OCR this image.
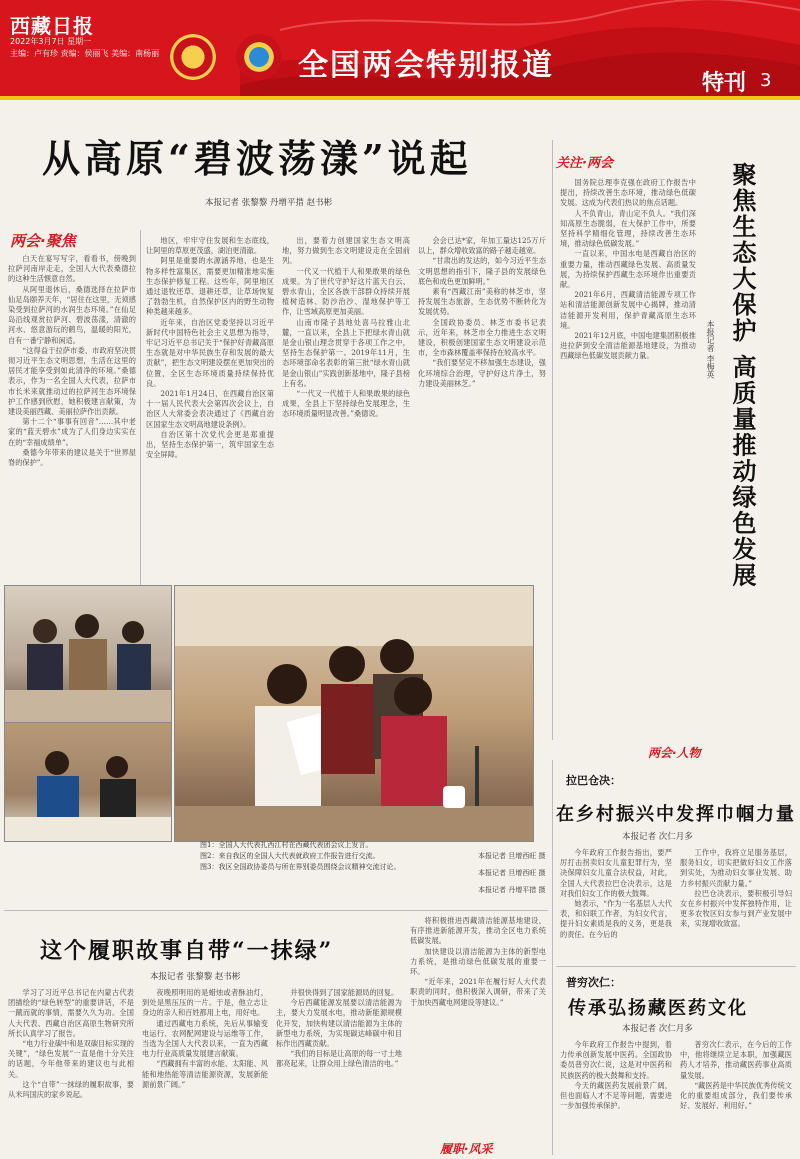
西藏日报
2022年3月7日 星期一
主编：卢有珍 责编：侯丽飞 美编：南杨丽	全国两会特别报道
特刊 3
从高原“碧波荡漾”说起
本报记者 张黎黎 丹增平措 赵书彬
两会·聚焦

白天在宴写写字，看看书，傍晚到拉萨河南岸走走，全国人大代表桑德拉的这种生活惬意自然。

从阿里退休后，桑德选择在拉萨市仙足岛颐养天年，“居住在这里，无须感染受到拉萨河的水润生态环境。”在仙足岛沿线观赏拉萨河、碧波荡漾，清澈的河水、悠意游玩的鹤鸟，温暖的阳光，自有一番宁静和闲适。

“这得益于拉萨市委、市政府坚决贯彻习近平生态文明思想，生活在这里的居民才能享受到如此清净的环境。”桑德表示，作为一名全国人大代表，拉萨市市长米来就推动过的拉萨河生态环境保护工作感到欣慰，她积极建言献策，为建设美丽西藏、美丽拉萨作出贡献。

第十二个“事事有回音”……其中老家的“蓝天碧水”成为了人们身边实实在在的“幸福成绩单”。

桑德今年带来的建议是关于“世界屋脊的保护”。

地区，牢牢守住发展和生态底线，让阿里的草原更茂盛，湖泊更清澈。

阿里是重要的水源涵养地，也是生物多样性富集区，需要更加精准地实施生态保护修复工程。这些年，阿里地区通过退牧还草、退耕还草，让草场恢复了勃勃生机，自然保护区内的野生动物种类越来越多。

近年来，自治区党委坚持以习近平新时代中国特色社会主义思想为指导，牢记习近平总书记关于“保护好青藏高原生态就是对中华民族生存和发展的最大贡献”，把生态文明建设摆在更加突出的位置，全区生态环境质量持续保持优良。

2021年1月24日，在西藏自治区第十一届人民代表大会第四次会议上，自治区人大常委会表决通过了《西藏自治区国家生态文明高地建设条例》。

自治区第十次党代会更是郑重提出，坚持生态保护第一，筑牢国家生态安全屏障。

出，要着力创建国家生态文明高地，努力做到生态文明建设走在全国前列。

一代又一代植于人和果敢果的绿色成果。为了世代守护好这片蓝天白云、碧水青山，全区各族干部群众持续开展植树造林、防沙治沙、湿地保护等工作，让雪域高原更加美丽。

山南市隆子县地处喜马拉雅山北麓，一直以来，全县上下把绿水青山就是金山银山理念贯穿于各项工作之中，坚持生态保护第一。2019年11月，生态环境部命名表彰的第三批“绿水青山就是金山银山”实践创新基地中，隆子县榜上有名。

“一代又一代植于人和果敢果的绿色成果，全县上下坚持绿色发展理念，生态环境质量明显改善。”桑德说。

会会已达*家，年加工量达125万斤以上，群众增收致富的路子越走越宽。

“甘肃出的发达的，如今习近平生态文明思想的指引下，隆子县的发展绿色底色和成色更加鲜明。”

素有“西藏江南”美称的林芝市，坚持发展生态旅游，生态优势不断转化为发展优势。

全国政协委员、林芝市委书记表示，近年来，林芝市全力推进生态文明建设，积极创建国家生态文明建设示范市，全市森林覆盖率保持在较高水平。

“我们要坚定不移加强生态建设，强化环境综合治理，守护好这片净土，努力建设美丽林芝。”

关注·两会

国务院总理李克强在政府工作报告中提出，持续改善生态环境，推动绿色低碳发展。这成为代表们热议的焦点话题。

人不负青山，青山定不负人。“我们深知高原生态脆弱，在大保护工作中，所要坚持科学精细化管理，持续改善生态环境，推动绿色低碳发展。”

一直以来，中国水电是西藏自治区的重要力量，推动西藏绿色发展、高质量发展，为持续保护西藏生态环境作出重要贡献。

2021年6月，西藏清洁能源专项工作站和清洁能源创新发展中心揭牌，推动清洁能源开发利用，保护青藏高原生态环境。

2021年12月底，中国电建集团积极推进拉萨到安全清洁能源基地建设，为推动西藏绿色低碳发展贡献力量。	聚焦生态大保护 高质量推动绿色发展
本报记者 李梅英
图1：全国人大代表扎西江村在西藏代表团会议上发言。
图2：来自我区的全国人大代表就政府工作报告进行交流。
图3：我区全国政协委员与所在界别委员围绕会议精神交流讨论。
本报记者 旦增西旺 摄
本报记者 旦增西旺 摄
本报记者 丹增平措 摄
两会·人物
拉巴仓决：
在乡村振兴中发挥巾帼力量
本报记者 次仁月多

今年政府工作报告指出，要严厉打击拐卖妇女儿童犯罪行为，坚决保障妇女儿童合法权益，对此，全国人大代表拉巴仓决表示，这是对我们妇女工作的极大鼓舞。

她表示，“作为一名基层人大代表，和妇联工作者，为妇女代言，提升妇女素质是我的义务，更是我的责任。在今后的

工作中，我将立足服务基层，服务妇女，切实把做好妇女工作落到实处，为推动妇女事业发展、助力乡村振兴贡献力量。”

拉巴仓决表示，要积极引导妇女在乡村振兴中发挥独特作用，让更多农牧区妇女参与到产业发展中来，实现增收致富。

普穷次仁：
传承弘扬藏医药文化
本报记者 次仁月多

今年政府工作报告中提到，着力传承创新发展中医药。全国政协委员普穷次仁说，这是对中医药和民族医药的极大鼓舞和支持。

今天的藏医药发展前景广阔，但也面临人才不足等问题，需要进一步加强传承保护。

普穷次仁表示，在今后的工作中，他将继续立足本职，加强藏医药人才培养，推动藏医药事业高质量发展。

“藏医药是中华民族优秀传统文化的重要组成部分，我们要传承好、发展好、利用好。”

这个履职故事自带“一抹绿”
本报记者 张黎黎 赵书彬

学习了习近平总书记在内蒙古代表团描绘的“绿色转型”的重要讲话，不是一蹴而就的事情，需要久久为功。全国人大代表、西藏自治区高原生物研究所所长认真学习了报告。

“电力行业碳中和是双碳目标实现的关键”，“绿色发展”一直是他十分关注的话题，今年他带来的建议也与此相关。

这个“自带”一抹绿的履职故事，要从米玛国庆的家乡说起。

夜晚照明用的是蜡烛或者酥油灯，到处是黑压压的一片。于是，他立志让身边的亲人和百姓都用上电，用好电。

通过西藏电力系统，先后从事输变电运行、农网配网建设与运维等工作，当选为全国人大代表以来，一直为西藏电力行业高质量发展建言献策。

“西藏拥有丰富的水能、太阳能、风能和地热能等清洁能源资源，发展新能源前景广阔。”

并很快得到了国家能源局的回复。

今后西藏能源发展要以清洁能源为主，要大力发展水电，推动新能源规模化开发，加快构建以清洁能源为主体的新型电力系统，为实现碳达峰碳中和目标作出西藏贡献。

“我们的目标是让高原的每一寸土地都亮起来，让群众用上绿色清洁的电。”

将积极推进西藏清洁能源基地建设，有序推进新能源开发，推动全区电力系统低碳发展。

加快建设以清洁能源为主体的新型电力系统，是推动绿色低碳发展的重要一环。

“近年来，2021年在履行好人大代表职责的同时，他积极深入调研，带来了关于加快西藏电网建设等建议。”

履职·风采
